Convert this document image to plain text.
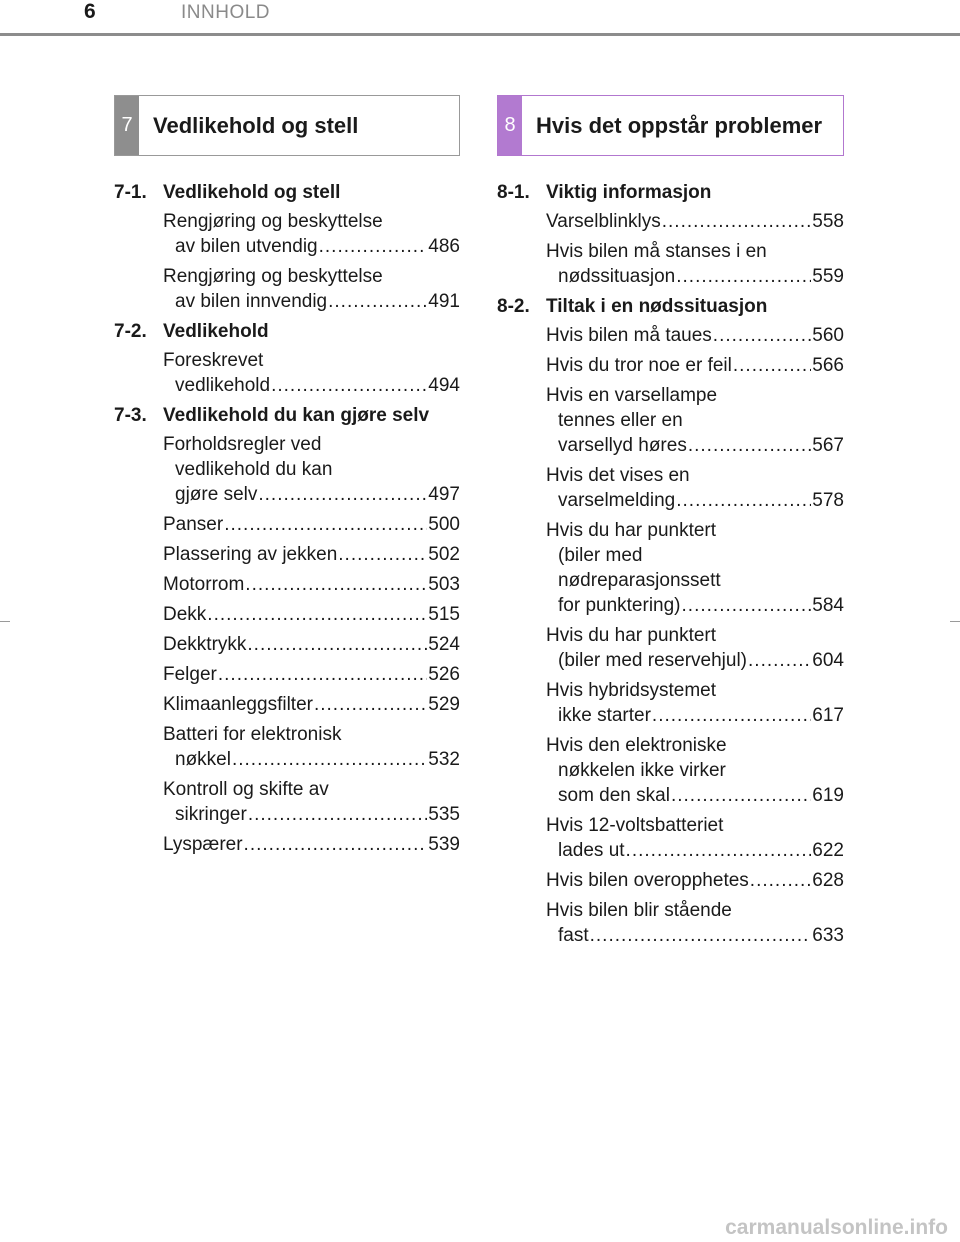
6	INNHOLD
7 Vedlikehold og stell
7-1. Vedlikehold og stell
Rengjøring og beskyttelse
av bilen utvendig .....	486
Rengjøring og beskyttelse
av bilen innvendig .....	491
7-2. Vedlikehold
Foreskrevet
vedlikehold .....	494
7-3. Vedlikehold du kan gjøre selv
Forholdsregler ved
vedlikehold du kan
gjøre selv .....	497
Panser .....	500
Plassering av jekken .....	502
Motorrom .....	503
Dekk .....	515
Dekktrykk .....	524
Felger .....	526
Klimaanleggsfilter .....	529
Batteri for elektronisk
nøkkel .....	532
Kontroll og skifte av
sikringer .....	535
Lyspærer .....	539
8 Hvis det oppstår problemer
8-1. Viktig informasjon
Varselblinklys .....	558
Hvis bilen må stanses i en
nødssituasjon .....	559
8-2. Tiltak i en nødssituasjon
Hvis bilen må taues .....	560
Hvis du tror noe er feil .....	566
Hvis en varsellampe
tennes eller en
varsellyd høres .....	567
Hvis det vises en
varselmelding .....	578
Hvis du har punktert
(biler med
nødreparasjonssett
for punktering) .....	584
Hvis du har punktert
(biler med reservehjul) .....	604
Hvis hybridsystemet
ikke starter .....	617
Hvis den elektroniske
nøkkelen ikke virker
som den skal .....	619
Hvis 12-voltsbatteriet
lades ut .....	622
Hvis bilen overopphetes .....	628
Hvis bilen blir stående
fast .....	633
carmanualsonline.info
